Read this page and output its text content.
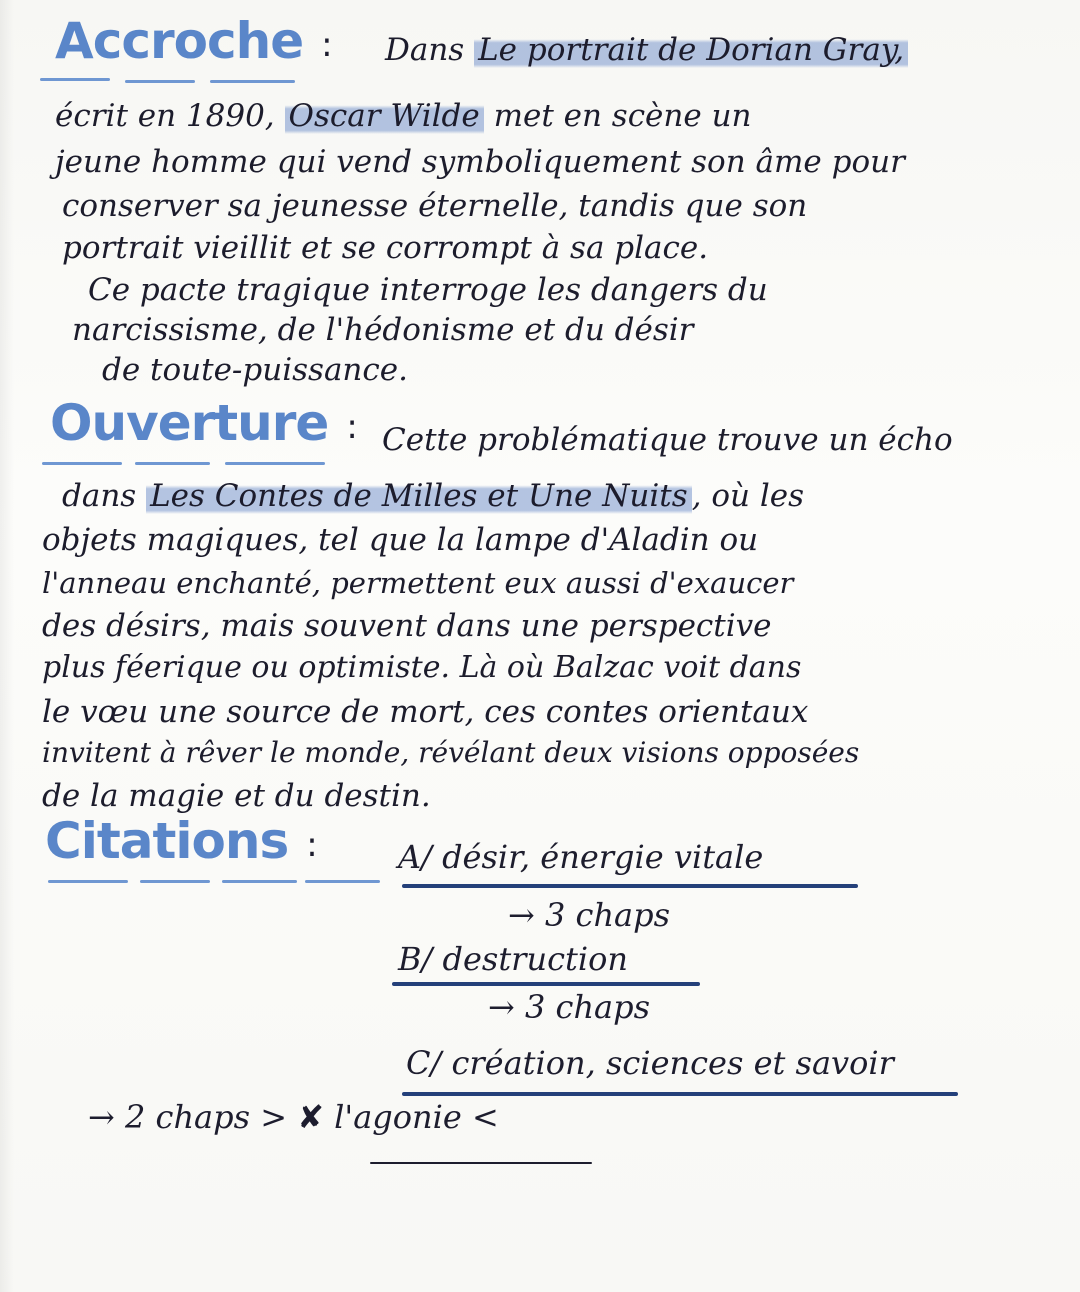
Accroche : Dans Le portrait de Dorian Gray,
écrit en 1890, Oscar Wilde met en scène un
jeune homme qui vend symboliquement son âme pour
conserver sa jeunesse éternelle, tandis que son
portrait vieillit et se corrompt à sa place.
Ce pacte tragique interroge les dangers du
narcissisme, de l'hédonisme et du désir
de toute-puissance.
Ouverture : Cette problématique trouve un écho
dans Les Contes de Milles et Une Nuits , où les
objets magiques, tel que la lampe d'Aladin ou
l'anneau enchanté, permettent eux aussi d'exaucer
des désirs, mais souvent dans une perspective
plus féerique ou optimiste. Là où Balzac voit dans
le vœu une source de mort, ces contes orientaux
invitent à rêver le monde, révélant deux visions opposées
de la magie et du destin.
Citations :	A/ désir, énergie vitale
→ 3 chaps
B/ destruction
→ 3 chaps
C/ création, sciences et savoir
→ 2 chaps > ✘ l'agonie <
